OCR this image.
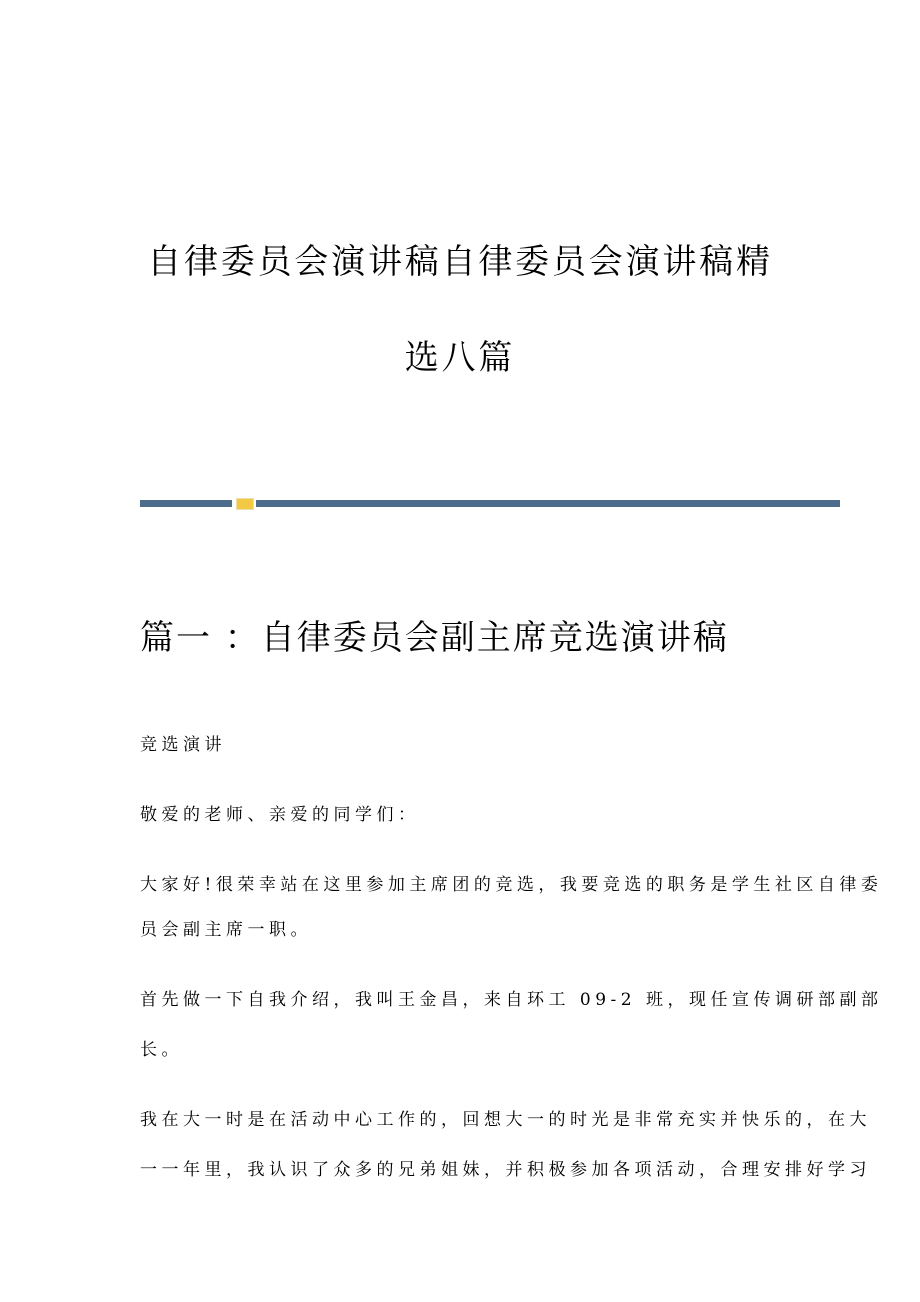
自律委员会演讲稿自律委员会演讲稿精
选八篇
篇一 ：自律委员会副主席竞选演讲稿
竞选演讲
敬爱的老师、亲爱的同学们：
大家好!很荣幸站在这里参加主席团的竞选，我要竞选的职务是学生社区自律委
员会副主席一职。
首先做一下自我介绍，我叫王金昌，来自环工 09-2 班，现任宣传调研部副部
长。
我在大一时是在活动中心工作的，回想大一的时光是非常充实并快乐的，在大
一一年里，我认识了众多的兄弟姐妹，并积极参加各项活动，合理安排好学习
